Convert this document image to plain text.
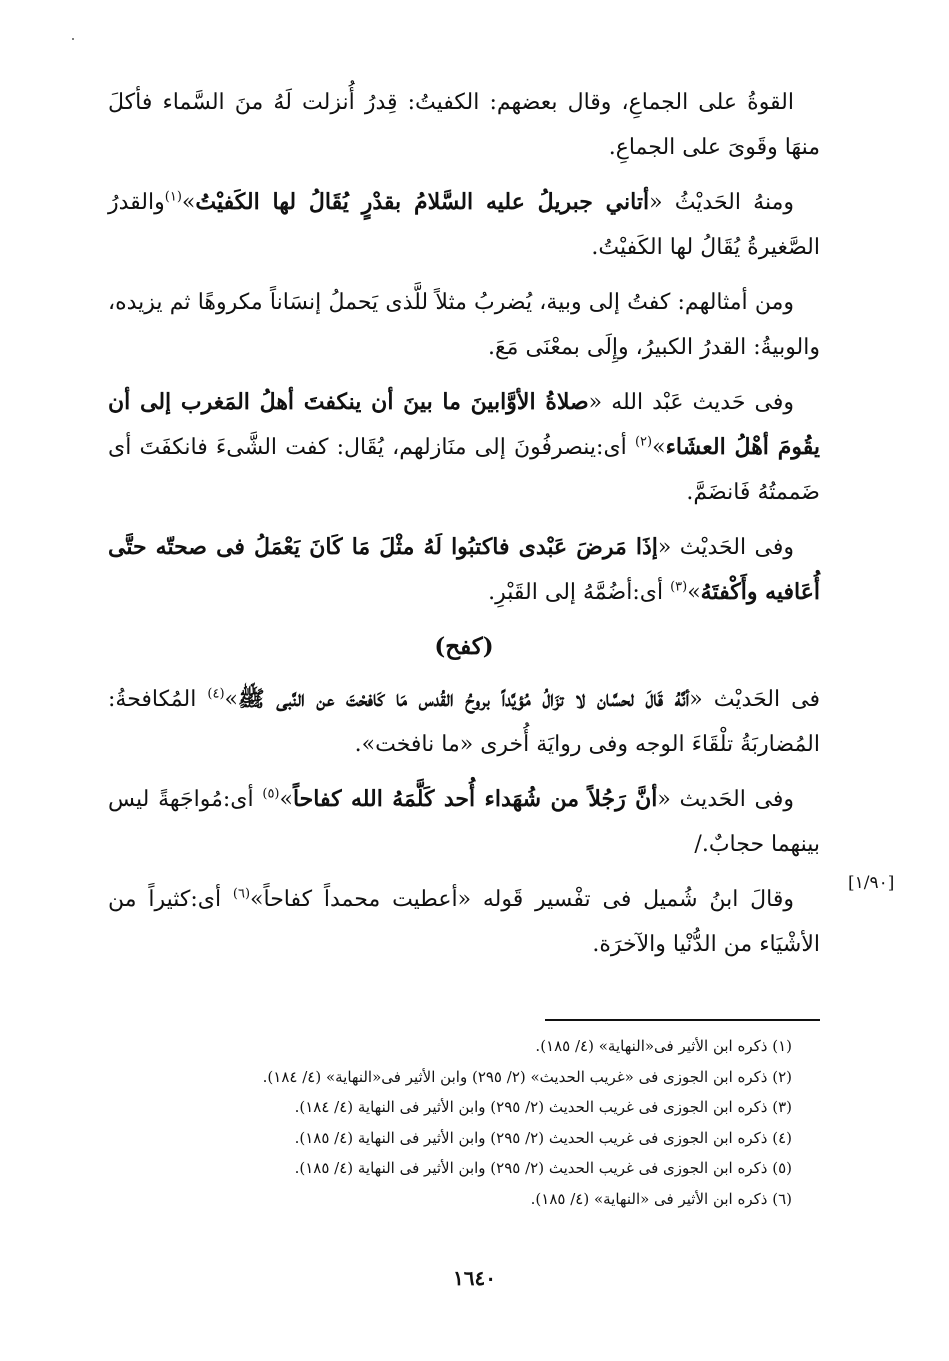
القوةُ على الجماعِ، وقال بعضهم: الكفيتُ: قِدرُ أُنزلت لَهُ منَ السَّماء فأكلَ منهَا وقَوىَ على الجماعِ.
ومنهُ الحَديْثُ «أتاني جبريلُ عليه السَّلامُ بقدْرٍ يُقَالُ لها الكَفيْتُ»$^{(١)}$والقدرُ الصَّغيرةُ يُقَالُ لها الكَفيْتُ.
ومن أمثالهم: كفتُ إلى وبية، يُضربُ مثلاً للَّذى يَحملُ إنسَاناً مكروهًا ثم يزيده، والوبيةُ: القدرُ الكبيرُ، وإِلَى بمعْنَى مَعَ.
وفى حَديث عَبْد الله «صلاةُ الأوَّابينَ ما بينَ أن ينكفتَ أهلُ المَغرب إلى أن يقُومَ أهْلُ العشَاء»$^{(٢)}$ أى:ينصرفُونَ إلى منَازلهم، يُقَال: كفت الشَّىءَ فانكفَتَ أى ضَممتُهُ فَانضَمَّ.
وفى الحَديْث «إذَا مَرضَ عَبْدى فاكتبُوا لَهُ مثْلَ مَا كَانَ يَعْمَلُ فى صحتّه حتَّى أُعَافيه وأَكْفتَهُ»$^{(٣)}$ أى:أضُمَّهُ إلى القَبْرِ.
(كفح)
فى الحَديْث «أنَّهُ قَالَ لحسَّان لا تزَالُ مُؤيَّداً بروحُ القُدس مَا كَافحْتَ عن النَّبى ﷺ»$^{(٤)}$ المُكافحةُ: المُضاربَةُ تلْقَاءَ الوجه وفى روايَة أُخرى «ما نافخت».
وفى الحَديث «أنَّ رَجُلاً من شُهَداء أُحد كَلَّمَهُ الله كفاحاً»$^{(٥)}$ أى:مُواجَهةً ليس بينهما حجابٌ./
وقالَ ابنُ شُميل فى تفْسير قَوله «أعطيت محمداً كفاحاً»$^{(٦)}$ أى:كثيراً من الأشْيَاء من الدُّنْيا والآخرَة.
[١/٩٠]
(١) ذكره ابن الأثير فى«النهاية» (٤/ ١٨٥).
(٢) ذكره ابن الجوزى فى «غريب الحديث» (٢/ ٢٩٥) وابن الأثير فى«النهاية» (٤/ ١٨٤).
(٣) ذكره ابن الجوزى فى غريب الحديث (٢/ ٢٩٥) وابن الأثير فى النهاية (٤/ ١٨٤).
(٤) ذكره ابن الجوزى فى غريب الحديث (٢/ ٢٩٥) وابن الأثير فى النهاية (٤/ ١٨٥).
(٥) ذكره ابن الجوزى فى غريب الحديث (٢/ ٢٩٥) وابن الأثير فى النهاية (٤/ ١٨٥).
(٦) ذكره ابن الأثير فى «النهاية» (٤/ ١٨٥).
١٦٤٠
